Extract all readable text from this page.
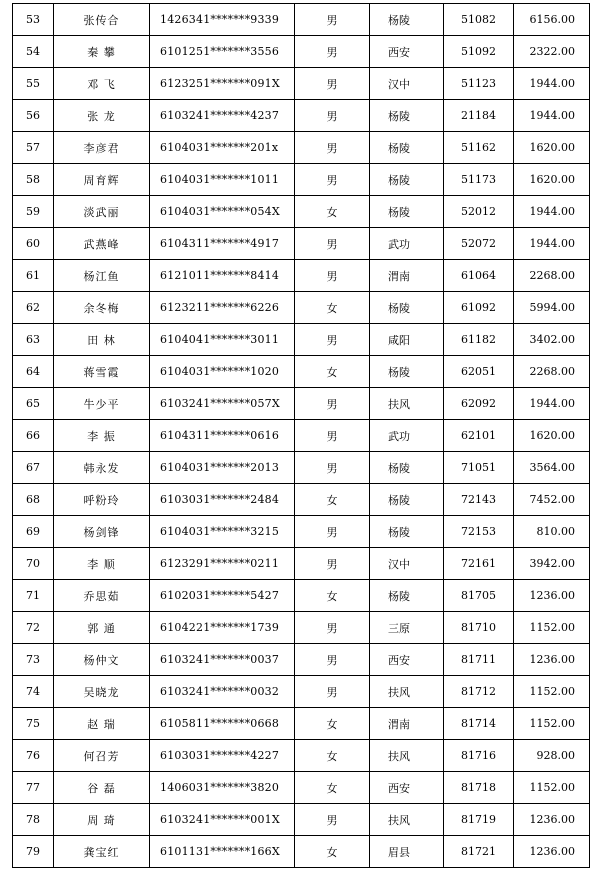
53	张传合	1426341*******9339	男	杨陵	51082	6156.00
54	秦 攀	6101251*******3556	男	西安	51092	2322.00
55	邓 飞	6123251*******091X	男	汉中	51123	1944.00
56	张 龙	6103241*******4237	男	杨陵	21184	1944.00
57	李彦君	6104031*******201x	男	杨陵	51162	1620.00
58	周育辉	6104031*******1011	男	杨陵	51173	1620.00
59	淡武丽	6104031*******054X	女	杨陵	52012	1944.00
60	武燕峰	6104311*******4917	男	武功	52072	1944.00
61	杨江鱼	6121011*******8414	男	渭南	61064	2268.00
62	余冬梅	6123211*******6226	女	杨陵	61092	5994.00
63	田 林	6104041*******3011	男	咸阳	61182	3402.00
64	蒋雪霞	6104031*******1020	女	杨陵	62051	2268.00
65	牛少平	6103241*******057X	男	扶风	62092	1944.00
66	李 振	6104311*******0616	男	武功	62101	1620.00
67	韩永发	6104031*******2013	男	杨陵	71051	3564.00
68	呼粉玲	6103031*******2484	女	杨陵	72143	7452.00
69	杨剑锋	6104031*******3215	男	杨陵	72153	810.00
70	李 顺	6123291*******0211	男	汉中	72161	3942.00
71	乔思茹	6102031*******5427	女	杨陵	81705	1236.00
72	郭 通	6104221*******1739	男	三原	81710	1152.00
73	杨仲文	6103241*******0037	男	西安	81711	1236.00
74	吴晓龙	6103241*******0032	男	扶风	81712	1152.00
75	赵 瑞	6105811*******0668	女	渭南	81714	1152.00
76	何召芳	6103031*******4227	女	扶风	81716	928.00
77	谷 磊	1406031*******3820	女	西安	81718	1152.00
78	周 琦	6103241*******001X	男	扶风	81719	1236.00
79	龚宝红	6101131*******166X	女	眉县	81721	1236.00
